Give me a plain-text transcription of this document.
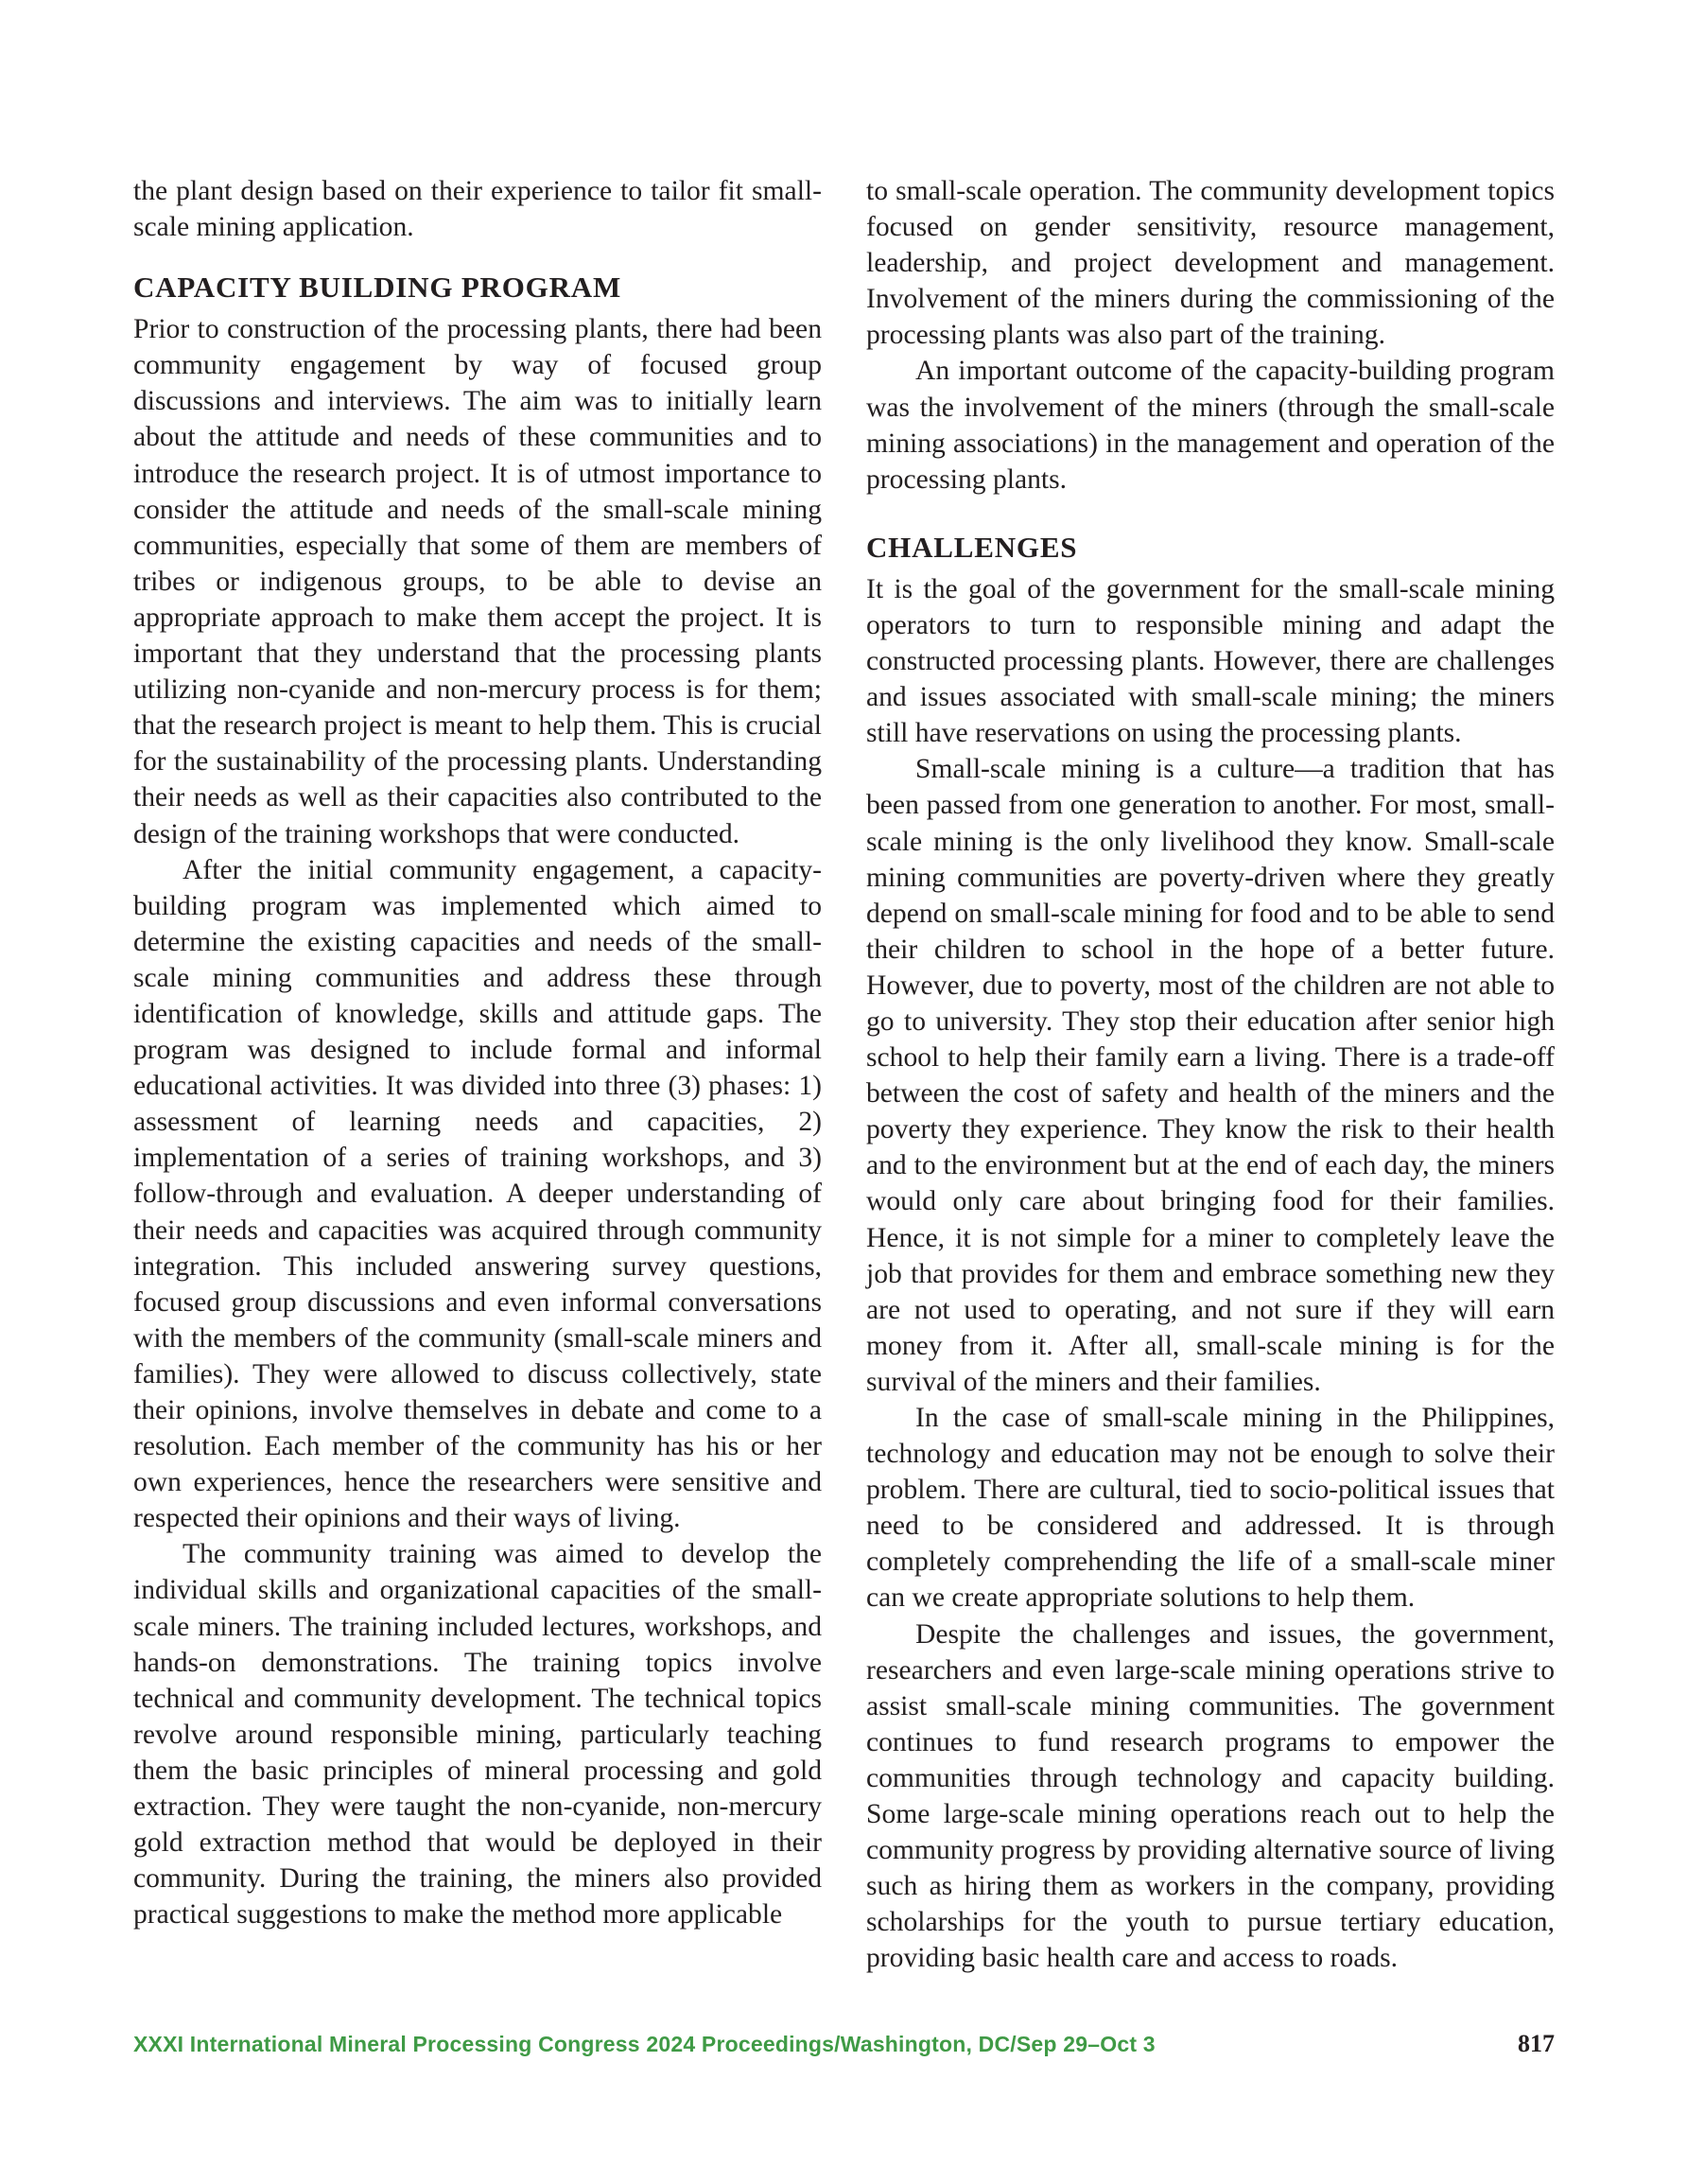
the plant design based on their experience to tailor fit small-scale mining application.

CAPACITY BUILDING PROGRAM

Prior to construction of the processing plants, there had been community engagement by way of focused group discussions and interviews. The aim was to initially learn about the attitude and needs of these communities and to introduce the research project. It is of utmost importance to consider the attitude and needs of the small-scale mining communities, especially that some of them are members of tribes or indigenous groups, to be able to devise an appropriate approach to make them accept the project. It is important that they understand that the processing plants utilizing non-cyanide and non-mercury process is for them; that the research project is meant to help them. This is crucial for the sustainability of the processing plants. Understanding their needs as well as their capacities also contributed to the design of the training workshops that were conducted.

After the initial community engagement, a capacity-building program was implemented which aimed to determine the existing capacities and needs of the small-scale mining communities and address these through identification of knowledge, skills and attitude gaps. The program was designed to include formal and informal educational activities. It was divided into three (3) phases: 1) assessment of learning needs and capacities, 2) implementation of a series of training workshops, and 3) follow-through and evaluation. A deeper understanding of their needs and capacities was acquired through community integration. This included answering survey questions, focused group discussions and even informal conversations with the members of the community (small-scale miners and families). They were allowed to discuss collectively, state their opinions, involve themselves in debate and come to a resolution. Each member of the community has his or her own experiences, hence the researchers were sensitive and respected their opinions and their ways of living.

The community training was aimed to develop the individual skills and organizational capacities of the small-scale miners. The training included lectures, workshops, and hands-on demonstrations. The training topics involve technical and community development. The technical topics revolve around responsible mining, particularly teaching them the basic principles of mineral processing and gold extraction. They were taught the non-cyanide, non-mercury gold extraction method that would be deployed in their community. During the training, the miners also provided practical suggestions to make the method more applicable

to small-scale operation. The community development topics focused on gender sensitivity, resource management, leadership, and project development and management. Involvement of the miners during the commissioning of the processing plants was also part of the training.

An important outcome of the capacity-building program was the involvement of the miners (through the small-scale mining associations) in the management and operation of the processing plants.

CHALLENGES

It is the goal of the government for the small-scale mining operators to turn to responsible mining and adapt the constructed processing plants. However, there are challenges and issues associated with small-scale mining; the miners still have reservations on using the processing plants.

Small-scale mining is a culture—a tradition that has been passed from one generation to another. For most, small-scale mining is the only livelihood they know. Small-scale mining communities are poverty-driven where they greatly depend on small-scale mining for food and to be able to send their children to school in the hope of a better future. However, due to poverty, most of the children are not able to go to university. They stop their education after senior high school to help their family earn a living. There is a trade-off between the cost of safety and health of the miners and the poverty they experience. They know the risk to their health and to the environment but at the end of each day, the miners would only care about bringing food for their families. Hence, it is not simple for a miner to completely leave the job that provides for them and embrace something new they are not used to operating, and not sure if they will earn money from it. After all, small-scale mining is for the survival of the miners and their families.

In the case of small-scale mining in the Philippines, technology and education may not be enough to solve their problem. There are cultural, tied to socio-political issues that need to be considered and addressed. It is through completely comprehending the life of a small-scale miner can we create appropriate solutions to help them.

Despite the challenges and issues, the government, researchers and even large-scale mining operations strive to assist small-scale mining communities. The government continues to fund research programs to empower the communities through technology and capacity building. Some large-scale mining operations reach out to help the community progress by providing alternative source of living such as hiring them as workers in the company, providing scholarships for the youth to pursue tertiary education, providing basic health care and access to roads.

XXXI International Mineral Processing Congress 2024 Proceedings/Washington, DC/Sep 29–Oct 3	817
